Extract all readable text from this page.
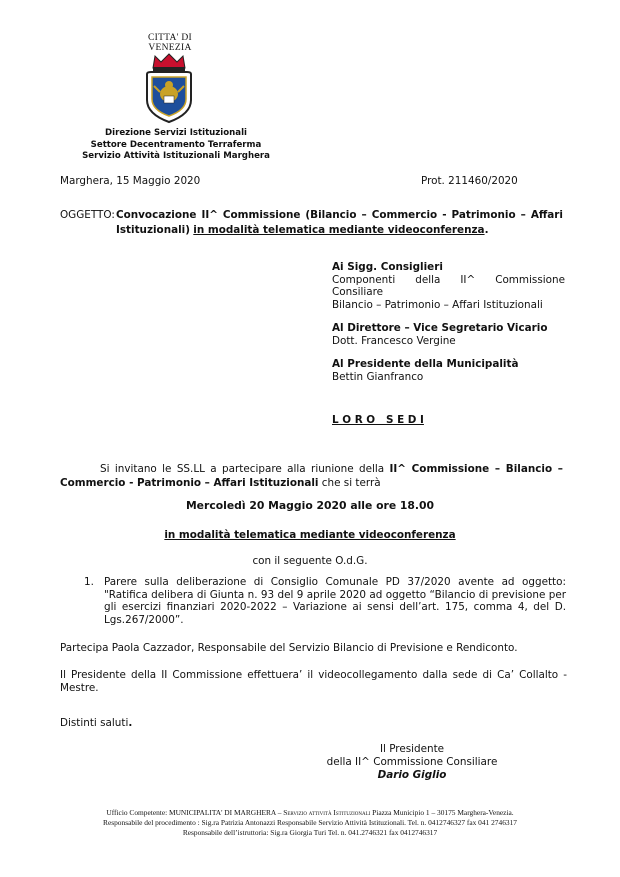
CITTA' DI
VENEZIA
Direzione Servizi Istituzionali
Settore Decentramento Terraferma
Servizio Attività Istituzionali Marghera
Marghera, 15 Maggio 2020	Prot. 211460/2020
OGGETTO: Convocazione II^ Commissione (Bilancio – Commercio - Patrimonio – Affari Istituzionali) in modalità telematica mediante videoconferenza.

Ai Sigg. Consiglieri
Componenti della II^ Commissione Consiliare
Bilancio – Patrimonio – Affari Istituzionali
Al Direttore – Vice Segretario Vicario
Dott. Francesco Vergine
Al Presidente della Municipalità
Bettin Gianfranco
L O R O   S E D I
Si invitano le SS.LL a partecipare alla riunione della II^ Commissione – Bilancio – Commercio - Patrimonio – Affari Istituzionali che si terrà
Mercoledì 20 Maggio 2020 alle ore 18.00
in modalità telematica mediante videoconferenza
con il seguente O.d.G.
1. Parere sulla deliberazione di Consiglio Comunale PD 37/2020 avente ad oggetto: "Ratifica delibera di Giunta n. 93 del 9 aprile 2020 ad oggetto “Bilancio di previsione per gli esercizi finanziari 2020-2022 – Variazione ai sensi dell’art. 175, comma 4, del D. Lgs.267/2000”.

Partecipa Paola Cazzador, Responsabile del Servizio Bilancio di Previsione e Rendiconto.
Il Presidente della II Commissione effettuera’ il videocollegamento dalla sede di Ca’ Collalto - Mestre.
Distinti saluti.
Il Presidente
della II^ Commissione Consiliare
Dario Giglio
Ufficio Competente: MUNICIPALITA' DI MARGHERA – Servizio attività Istituzionali Piazza Municipio 1 – 30175 Marghera-Venezia.
Responsabile del procedimento : Sig.ra Patrizia Antonazzi Responsabile Servizio Attività Istituzionali. Tel. n. 0412746327 fax 041 2746317
Responsabile dell’istruttoria: Sig.ra Giorgia Turi Tel. n. 041.2746321 fax 0412746317
